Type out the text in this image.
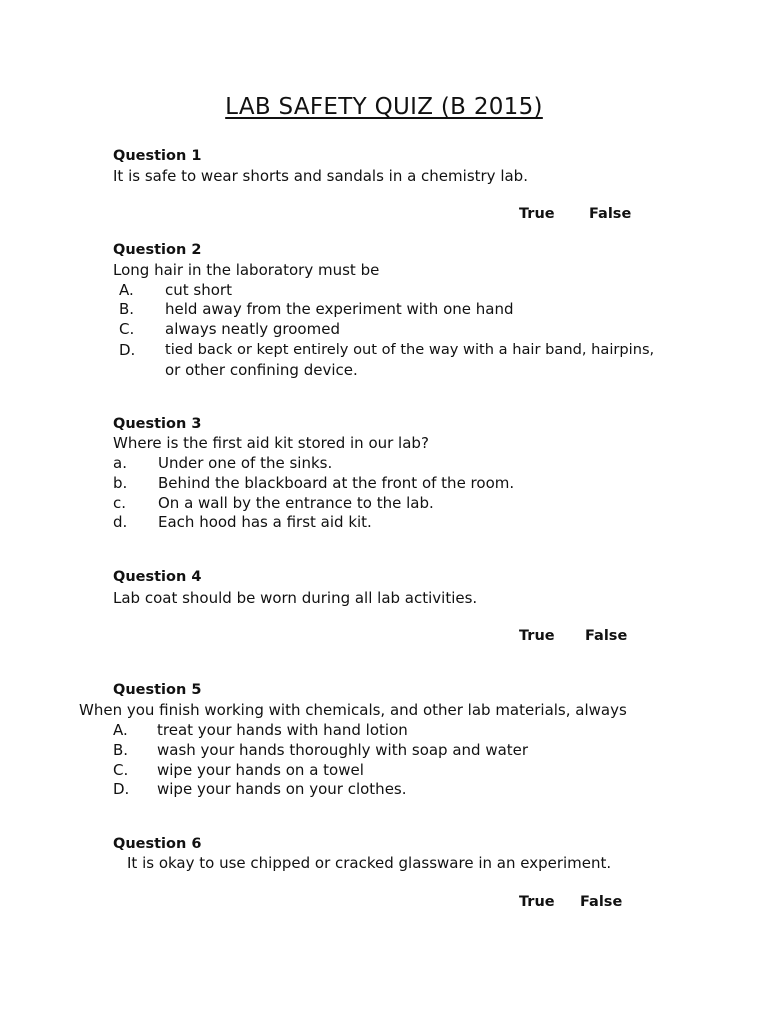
LAB SAFETY QUIZ (B 2015)
Question 1
It is safe to wear shorts and sandals in a chemistry lab.
True False
Question 2
Long hair in the laboratory must be
A. cut short
B. held away from the experiment with one hand
C. always neatly groomed
D. tied back or kept entirely out of the way with a hair band, hairpins,
or other confining device.
Question 3
Where is the first aid kit stored in our lab?
a. Under one of the sinks.
b. Behind the blackboard at the front of the room.
c. On a wall by the entrance to the lab.
d. Each hood has a first aid kit.
Question 4
Lab coat should be worn during all lab activities.
True False
Question 5
When you finish working with chemicals, and other lab materials, always
A. treat your hands with hand lotion
B. wash your hands thoroughly with soap and water
C. wipe your hands on a towel
D. wipe your hands on your clothes.
Question 6
It is okay to use chipped or cracked glassware in an experiment.
True False
